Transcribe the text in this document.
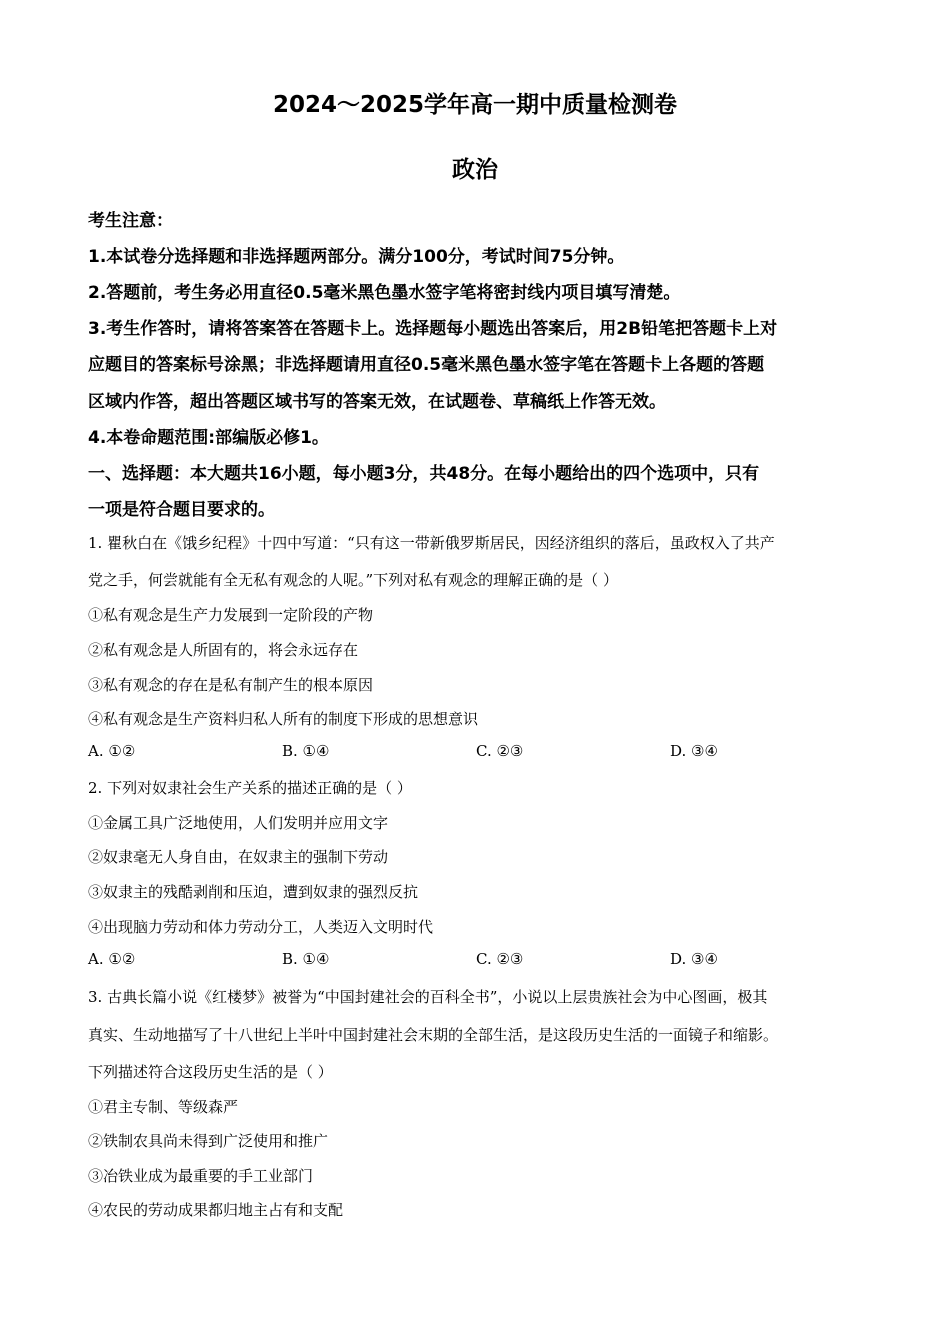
2024～2025学年高一期中质量检测卷
政治
考生注意：
1.本试卷分选择题和非选择题两部分。满分100分，考试时间75分钟。
2.答题前，考生务必用直径0.5毫米黑色墨水签字笔将密封线内项目填写清楚。
3.考生作答时，请将答案答在答题卡上。选择题每小题选出答案后，用2B铅笔把答题卡上对
应题目的答案标号涂黑；非选择题请用直径0.5毫米黑色墨水签字笔在答题卡上各题的答题
区域内作答，超出答题区域书写的答案无效，在试题卷、草稿纸上作答无效。
4.本卷命题范围:部编版必修1。
一、选择题：本大题共16小题，每小题3分，共48分。在每小题给出的四个选项中，只有
一项是符合题目要求的。
1. 瞿秋白在《饿乡纪程》十四中写道：“只有这一带新俄罗斯居民，因经济组织的落后，虽政权入了共产
党之手，何尝就能有全无私有观念的人呢。”下列对私有观念的理解正确的是（ ）
①私有观念是生产力发展到一定阶段的产物
②私有观念是人所固有的，将会永远存在
③私有观念的存在是私有制产生的根本原因
④私有观念是生产资料归私人所有的制度下形成的思想意识
A. ①②	B. ①④	C. ②③	D. ③④
2. 下列对奴隶社会生产关系的描述正确的是（ ）
①金属工具广泛地使用，人们发明并应用文字
②奴隶毫无人身自由，在奴隶主的强制下劳动
③奴隶主的残酷剥削和压迫，遭到奴隶的强烈反抗
④出现脑力劳动和体力劳动分工，人类迈入文明时代
A. ①②	B. ①④	C. ②③	D. ③④
3. 古典长篇小说《红楼梦》被誉为“中国封建社会的百科全书”，小说以上层贵族社会为中心图画，极其
真实、生动地描写了十八世纪上半叶中国封建社会末期的全部生活，是这段历史生活的一面镜子和缩影。
下列描述符合这段历史生活的是（ ）
①君主专制、等级森严
②铁制农具尚未得到广泛使用和推广
③冶铁业成为最重要的手工业部门
④农民的劳动成果都归地主占有和支配
